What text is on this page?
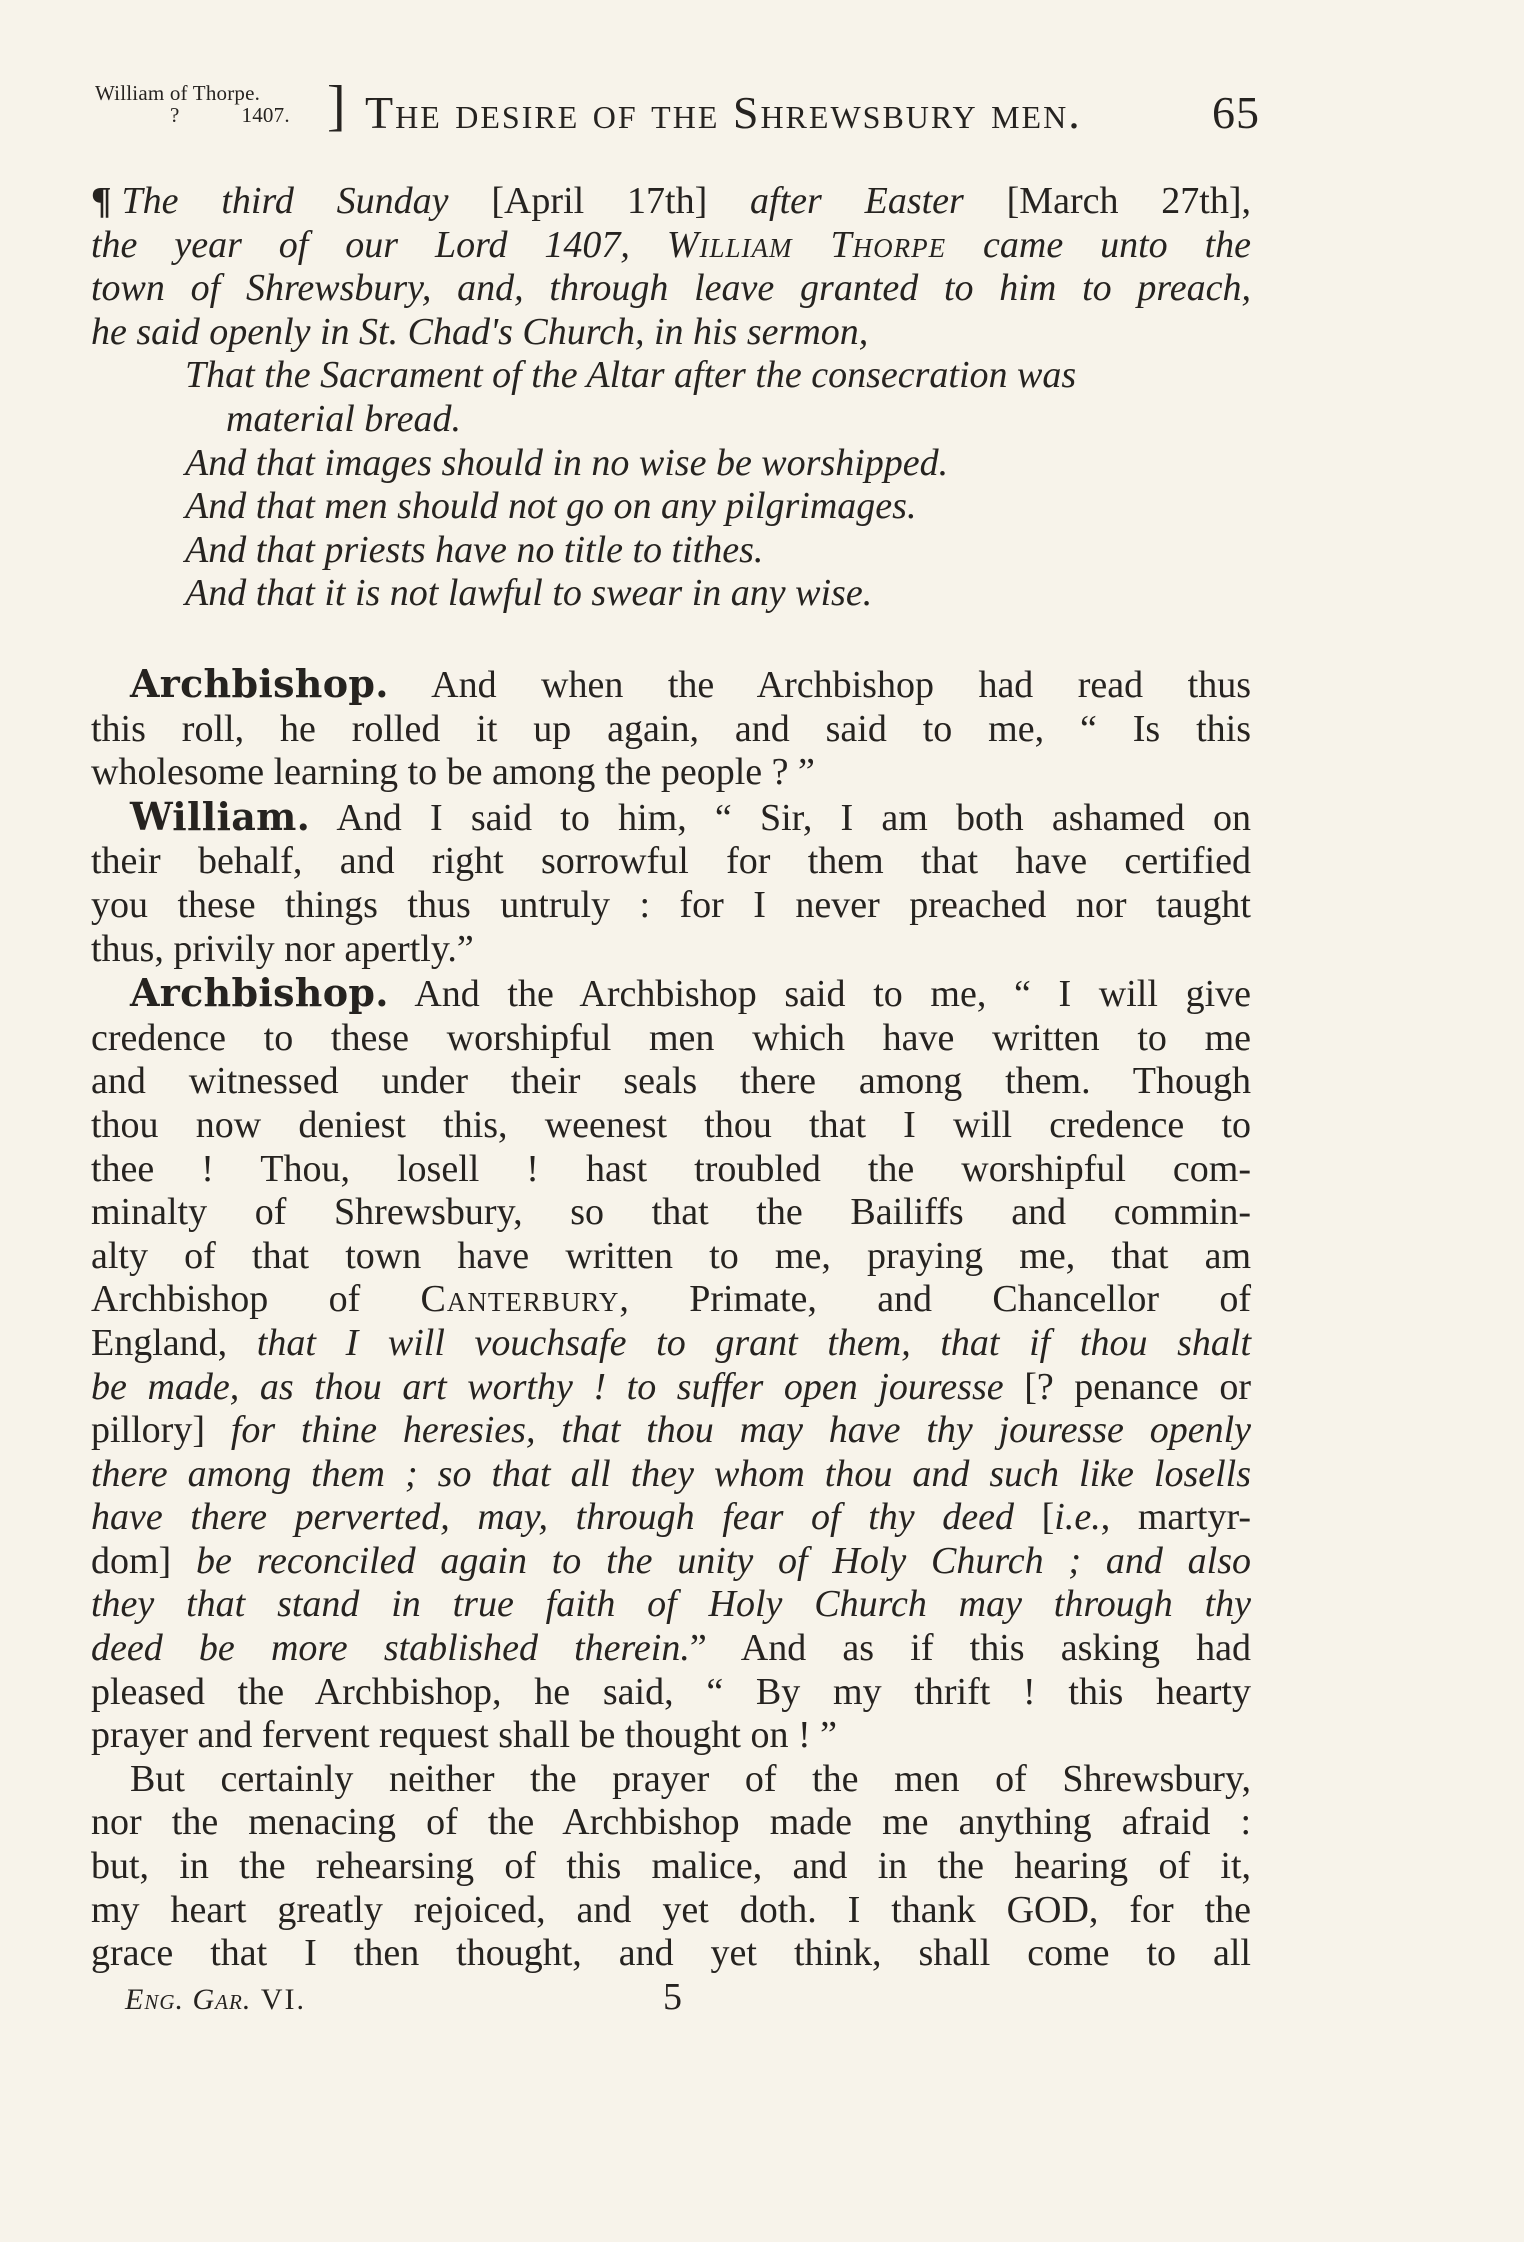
William of Thorpe.
?	1407. ] The desire of the Shrewsbury men.	65
¶ The third Sunday [April 17th] after Easter [March 27th],
the year of our Lord 1407, William Thorpe came unto the
town of Shrewsbury, and, through leave granted to him to preach,
he said openly in St. Chad's Church, in his sermon,
That the Sacrament of the Altar after the consecration was
material bread.
And that images should in no wise be worshipped.
And that men should not go on any pilgrimages.
And that priests have no title to tithes.
And that it is not lawful to swear in any wise.
Archbishop. And when the Archbishop had read thus
this roll, he rolled it up again, and said to me, “ Is this
wholesome learning to be among the people ? ”
William. And I said to him, “ Sir, I am both ashamed on
their behalf, and right sorrowful for them that have certified
you these things thus untruly : for I never preached nor taught
thus, privily nor apertly.”
Archbishop. And the Archbishop said to me, “ I will give
credence to these worshipful men which have written to me
and witnessed under their seals there among them. Though
thou now deniest this, weenest thou that I will credence to
thee ! Thou, losell ! hast troubled the worshipful com-
minalty of Shrewsbury, so that the Bailiffs and commin-
alty of that town have written to me, praying me, that am
Archbishop of Canterbury, Primate, and Chancellor of
England, that I will vouchsafe to grant them, that if thou shalt
be made, as thou art worthy ! to suffer open jouresse [? penance or
pillory] for thine heresies, that thou may have thy jouresse openly
there among them ; so that all they whom thou and such like losells
have there perverted, may, through fear of thy deed [i.e., martyr-
dom] be reconciled again to the unity of Holy Church ; and also
they that stand in true faith of Holy Church may through thy
deed be more stablished therein.” And as if this asking had
pleased the Archbishop, he said, “ By my thrift ! this hearty
prayer and fervent request shall be thought on ! ”
But certainly neither the prayer of the men of Shrewsbury,
nor the menacing of the Archbishop made me anything afraid :
but, in the rehearsing of this malice, and in the hearing of it,
my heart greatly rejoiced, and yet doth. I thank GOD, for the
grace that I then thought, and yet think, shall come to all
Eng. Gar. VI.	5
